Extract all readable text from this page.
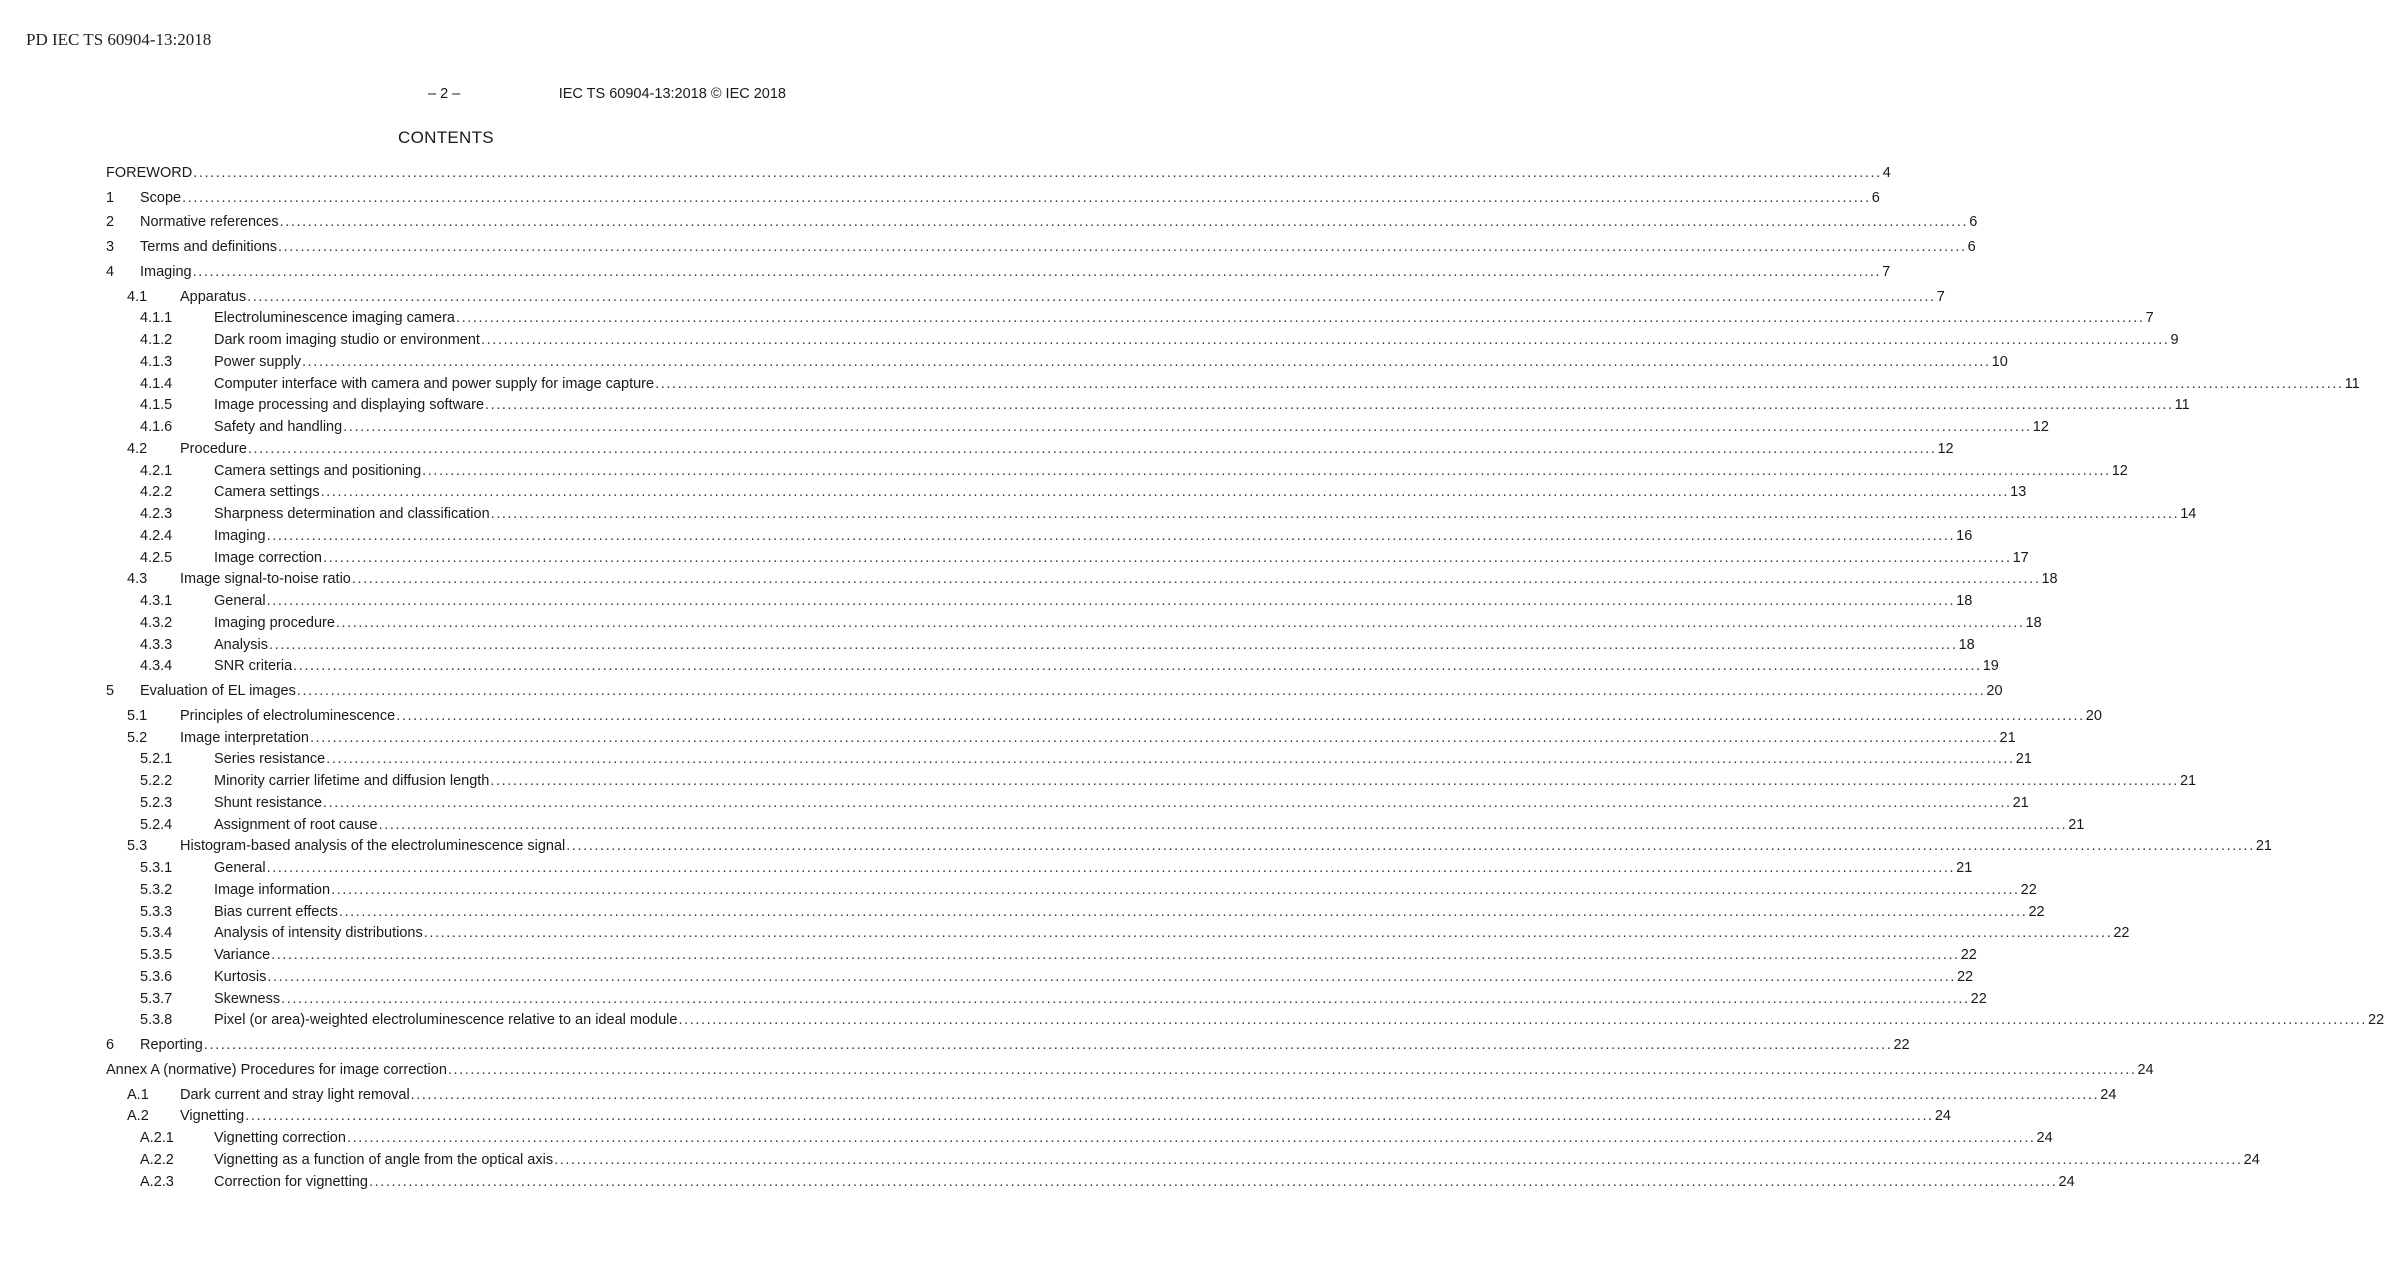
PD IEC TS 60904-13:2018
– 2 –	IEC TS 60904-13:2018 © IEC 2018
CONTENTS
FOREWORD ............................................................................................................................................................................................................................................................................................................ 4
1 Scope ............................................................................................................................................................................................................................................................................................................ 6
2 Normative references ............................................................................................................................................................................................................................................................................................................ 6
3 Terms and definitions ............................................................................................................................................................................................................................................................................................................ 6
4 Imaging ............................................................................................................................................................................................................................................................................................................ 7
4.1 Apparatus ............................................................................................................................................................................................................................................................................................................ 7
4.1.1	Electroluminescence imaging camera ............................................................................................................................................................................................................................................................................................................ 7
4.1.2	Dark room imaging studio or environment ............................................................................................................................................................................................................................................................................................................ 9
4.1.3	Power supply ............................................................................................................................................................................................................................................................................................................ 10
4.1.4	Computer interface with camera and power supply for image capture ............................................................................................................................................................................................................................................................................................................ 11
4.1.5	Image processing and displaying software ............................................................................................................................................................................................................................................................................................................ 11
4.1.6	Safety and handling ............................................................................................................................................................................................................................................................................................................ 12
4.2 Procedure ............................................................................................................................................................................................................................................................................................................ 12
4.2.1	Camera settings and positioning ............................................................................................................................................................................................................................................................................................................ 12
4.2.2	Camera settings ............................................................................................................................................................................................................................................................................................................ 13
4.2.3	Sharpness determination and classification ............................................................................................................................................................................................................................................................................................................ 14
4.2.4	Imaging ............................................................................................................................................................................................................................................................................................................ 16
4.2.5	Image correction ............................................................................................................................................................................................................................................................................................................ 17
4.3 Image signal-to-noise ratio ............................................................................................................................................................................................................................................................................................................ 18
4.3.1	General ............................................................................................................................................................................................................................................................................................................ 18
4.3.2	Imaging procedure ............................................................................................................................................................................................................................................................................................................ 18
4.3.3	Analysis ............................................................................................................................................................................................................................................................................................................ 18
4.3.4	SNR criteria ............................................................................................................................................................................................................................................................................................................ 19
5 Evaluation of EL images ............................................................................................................................................................................................................................................................................................................ 20
5.1 Principles of electroluminescence ............................................................................................................................................................................................................................................................................................................ 20
5.2 Image interpretation ............................................................................................................................................................................................................................................................................................................ 21
5.2.1	Series resistance ............................................................................................................................................................................................................................................................................................................ 21
5.2.2	Minority carrier lifetime and diffusion length ............................................................................................................................................................................................................................................................................................................ 21
5.2.3	Shunt resistance ............................................................................................................................................................................................................................................................................................................ 21
5.2.4	Assignment of root cause ............................................................................................................................................................................................................................................................................................................ 21
5.3 Histogram-based analysis of the electroluminescence signal ............................................................................................................................................................................................................................................................................................................ 21
5.3.1	General ............................................................................................................................................................................................................................................................................................................ 21
5.3.2	Image information ............................................................................................................................................................................................................................................................................................................ 22
5.3.3	Bias current effects ............................................................................................................................................................................................................................................................................................................ 22
5.3.4	Analysis of intensity distributions ............................................................................................................................................................................................................................................................................................................ 22
5.3.5	Variance ............................................................................................................................................................................................................................................................................................................ 22
5.3.6	Kurtosis ............................................................................................................................................................................................................................................................................................................ 22
5.3.7	Skewness ............................................................................................................................................................................................................................................................................................................ 22
5.3.8	Pixel (or area)-weighted electroluminescence relative to an ideal module ............................................................................................................................................................................................................................................................................................................ 22
6 Reporting ............................................................................................................................................................................................................................................................................................................ 22
Annex A (normative) Procedures for image correction ............................................................................................................................................................................................................................................................................................................ 24
A.1 Dark current and stray light removal ............................................................................................................................................................................................................................................................................................................ 24
A.2 Vignetting ............................................................................................................................................................................................................................................................................................................ 24
A.2.1	Vignetting correction ............................................................................................................................................................................................................................................................................................................ 24
A.2.2	Vignetting as a function of angle from the optical axis ............................................................................................................................................................................................................................................................................................................ 24
A.2.3	Correction for vignetting ............................................................................................................................................................................................................................................................................................................ 24
